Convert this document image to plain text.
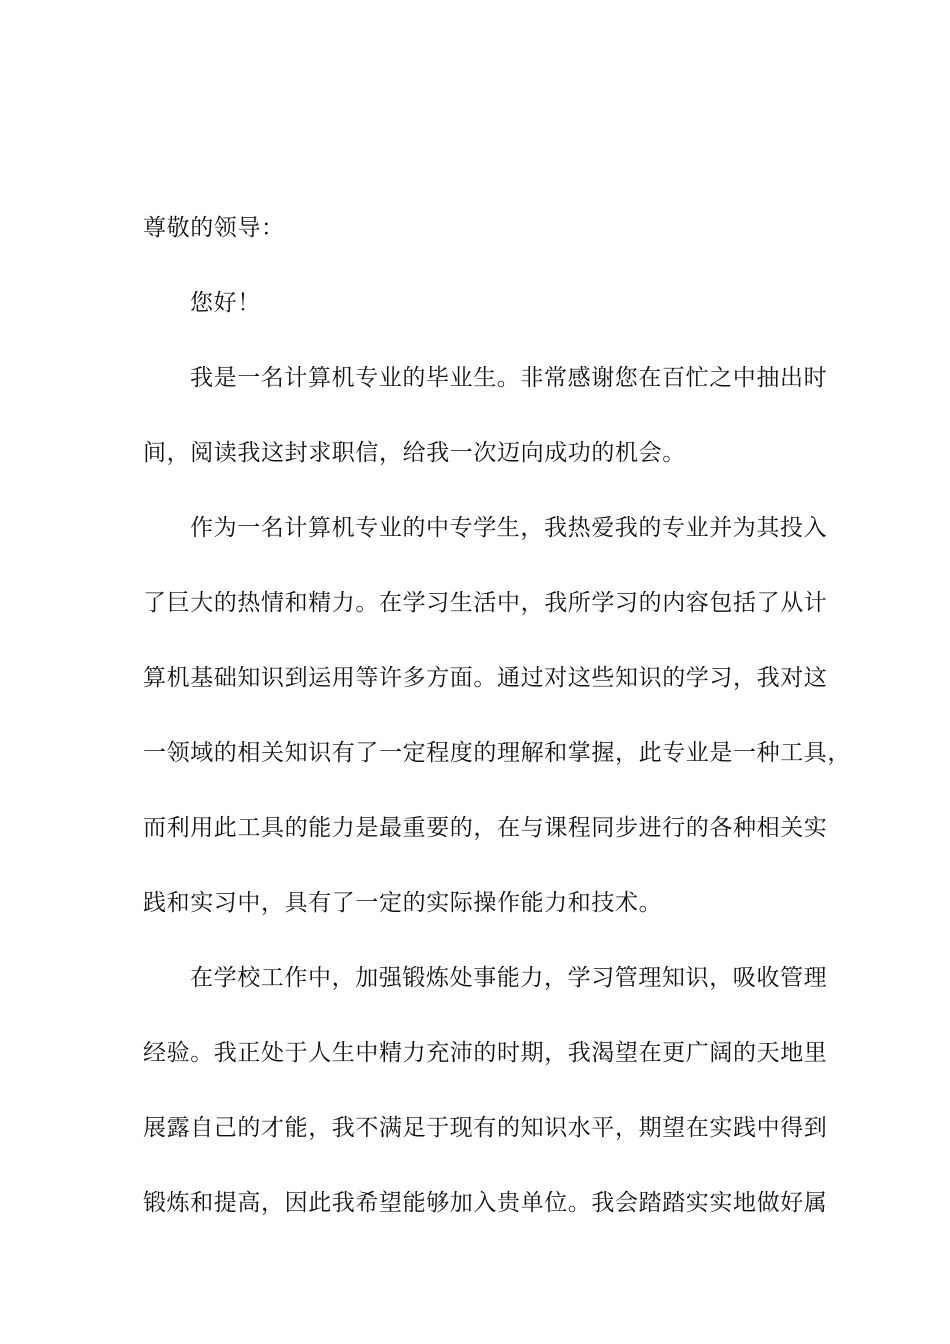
尊敬的领导：
您好！
我是一名计算机专业的毕业生。非常感谢您在百忙之中抽出时
间，阅读我这封求职信，给我一次迈向成功的机会。
作为一名计算机专业的中专学生，我热爱我的专业并为其投入
了巨大的热情和精力。在学习生活中，我所学习的内容包括了从计
算机基础知识到运用等许多方面。通过对这些知识的学习，我对这
一领域的相关知识有了一定程度的理解和掌握，此专业是一种工具，
而利用此工具的能力是最重要的，在与课程同步进行的各种相关实
践和实习中，具有了一定的实际操作能力和技术。
在学校工作中，加强锻炼处事能力，学习管理知识，吸收管理
经验。我正处于人生中精力充沛的时期，我渴望在更广阔的天地里
展露自己的才能，我不满足于现有的知识水平，期望在实践中得到
锻炼和提高，因此我希望能够加入贵单位。我会踏踏实实地做好属
